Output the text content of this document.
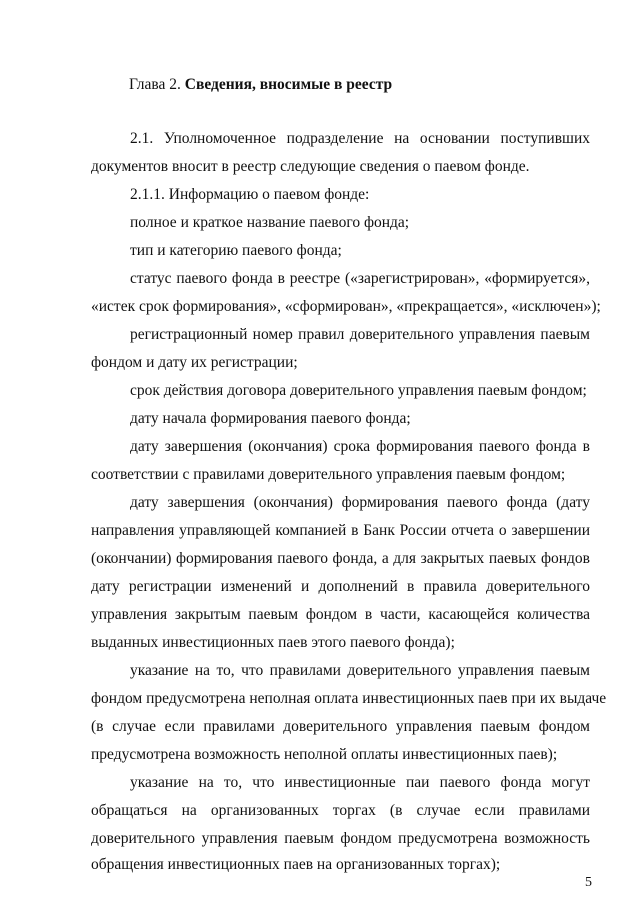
Глава 2. Сведения, вносимые в реестр
2.1. Уполномоченное подразделение на основании поступивших
документов вносит в реестр следующие сведения о паевом фонде.
2.1.1. Информацию о паевом фонде:
полное и краткое название паевого фонда;
тип и категорию паевого фонда;
статус паевого фонда в реестре («зарегистрирован», «формируется»,
«истек срок формирования», «сформирован», «прекращается», «исключен»);
регистрационный номер правил доверительного управления паевым
фондом и дату их регистрации;
срок действия договора доверительного управления паевым фондом;
дату начала формирования паевого фонда;
дату завершения (окончания) срока формирования паевого фонда в
соответствии с правилами доверительного управления паевым фондом;
дату завершения (окончания) формирования паевого фонда (дату
направления управляющей компанией в Банк России отчета о завершении
(окончании) формирования паевого фонда, а для закрытых паевых фондов
дату регистрации изменений и дополнений в правила доверительного
управления закрытым паевым фондом в части, касающейся количества
выданных инвестиционных паев этого паевого фонда);
указание на то, что правилами доверительного управления паевым
фондом предусмотрена неполная оплата инвестиционных паев при их выдаче
(в случае если правилами доверительного управления паевым фондом
предусмотрена возможность неполной оплаты инвестиционных паев);
указание на то, что инвестиционные паи паевого фонда могут
обращаться на организованных торгах (в случае если правилами
доверительного управления паевым фондом предусмотрена возможность
обращения инвестиционных паев на организованных торгах);
5
